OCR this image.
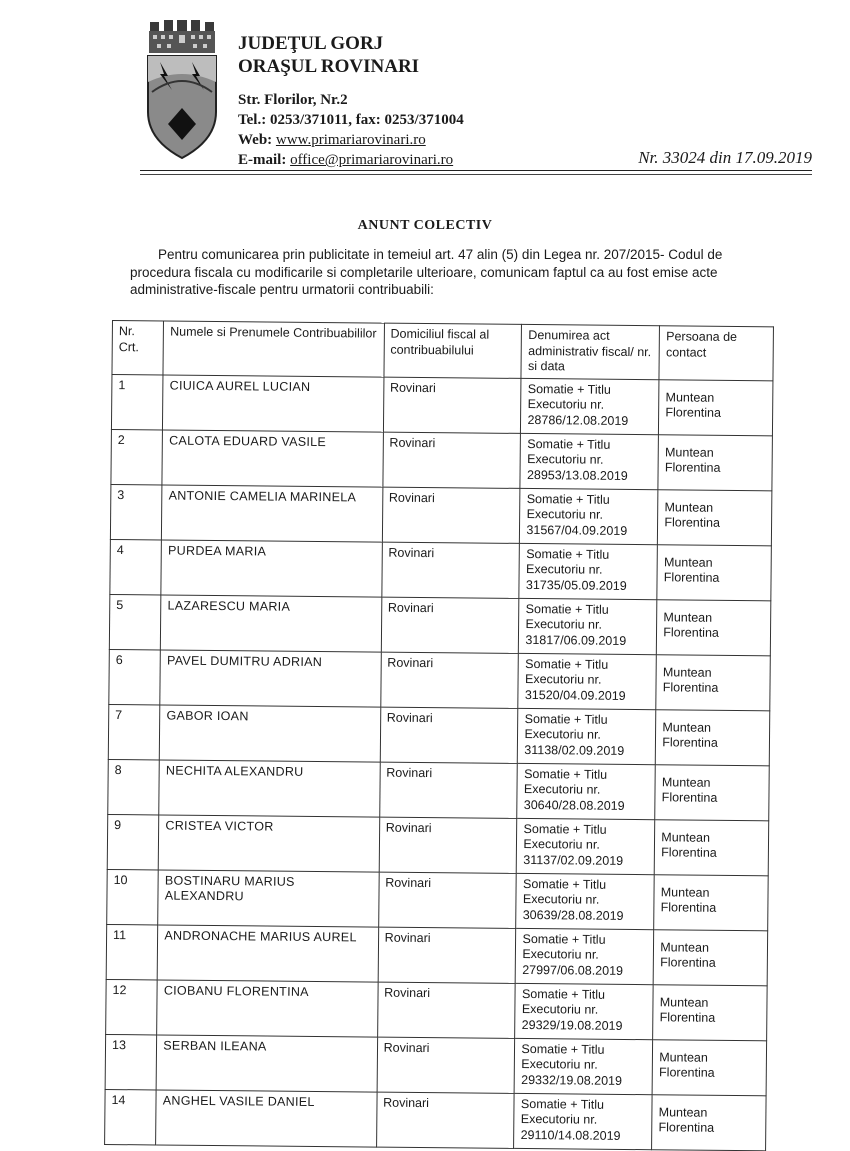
JUDEŢUL GORJ
ORAŞUL ROVINARI
Str. Florilor, Nr.2
Tel.: 0253/371011, fax: 0253/371004
Web: www.primariarovinari.ro
E-mail: office@primariarovinari.ro	Nr. 33024 din 17.09.2019
ANUNT COLECTIV
Pentru comunicarea prin publicitate in temeiul art. 47 alin (5) din Legea nr. 207/2015- Codul de procedura fiscala cu modificarile si completarile ulterioare, comunicam faptul ca au fost emise acte administrative-fiscale pentru urmatorii contribuabili:
Nr. Crt.	Numele si Prenumele Contribuabililor	Domiciliul fiscal al contribuabilului	Denumirea act administrativ fiscal/ nr. si data	Persoana de contact
1	CIUICA AUREL LUCIAN	Rovinari	Somatie + Titlu Executoriu nr. 28786/12.08.2019	Muntean Florentina
2	CALOTA EDUARD VASILE	Rovinari	Somatie + Titlu Executoriu nr. 28953/13.08.2019	Muntean Florentina
3	ANTONIE CAMELIA MARINELA	Rovinari	Somatie + Titlu Executoriu nr. 31567/04.09.2019	Muntean Florentina
4	PURDEA MARIA	Rovinari	Somatie + Titlu Executoriu nr. 31735/05.09.2019	Muntean Florentina
5	LAZARESCU MARIA	Rovinari	Somatie + Titlu Executoriu nr. 31817/06.09.2019	Muntean Florentina
6	PAVEL DUMITRU ADRIAN	Rovinari	Somatie + Titlu Executoriu nr. 31520/04.09.2019	Muntean Florentina
7	GABOR IOAN	Rovinari	Somatie + Titlu Executoriu nr. 31138/02.09.2019	Muntean Florentina
8	NECHITA ALEXANDRU	Rovinari	Somatie + Titlu Executoriu nr. 30640/28.08.2019	Muntean Florentina
9	CRISTEA VICTOR	Rovinari	Somatie + Titlu Executoriu nr. 31137/02.09.2019	Muntean Florentina
10	BOSTINARU MARIUS ALEXANDRU	Rovinari	Somatie + Titlu Executoriu nr. 30639/28.08.2019	Muntean Florentina
11	ANDRONACHE MARIUS AUREL	Rovinari	Somatie + Titlu Executoriu nr. 27997/06.08.2019	Muntean Florentina
12	CIOBANU FLORENTINA	Rovinari	Somatie + Titlu Executoriu nr. 29329/19.08.2019	Muntean Florentina
13	SERBAN ILEANA	Rovinari	Somatie + Titlu Executoriu nr. 29332/19.08.2019	Muntean Florentina
14	ANGHEL VASILE DANIEL	Rovinari	Somatie + Titlu Executoriu nr. 29110/14.08.2019	Muntean Florentina
